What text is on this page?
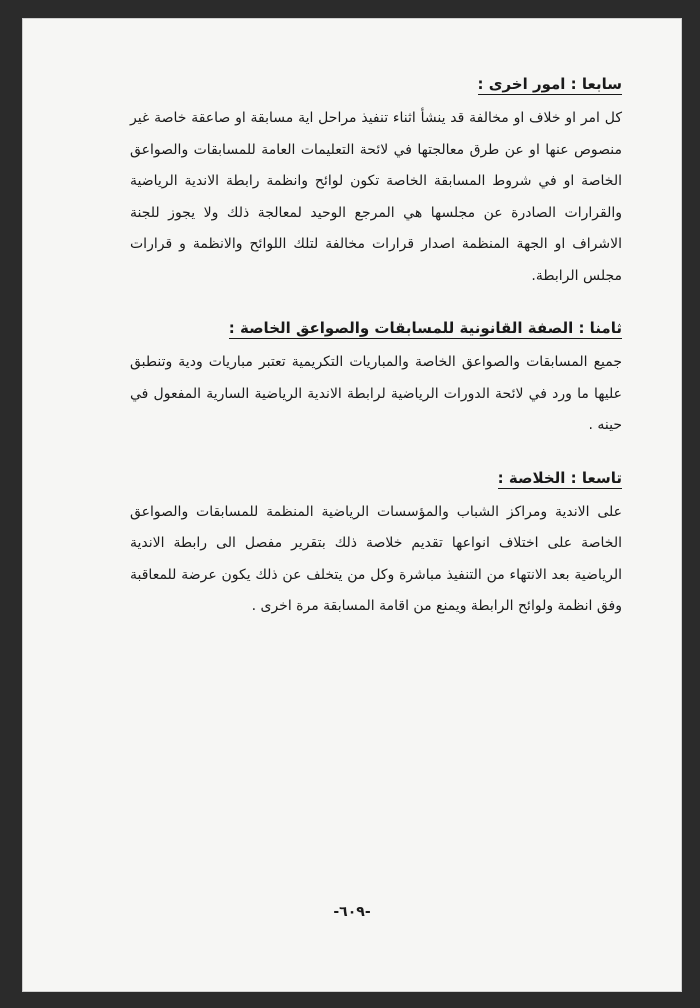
سابعا : امور اخرى :
كل امر او خلاف او مخالفة قد ينشأ اثناء تنفيذ مراحل اية مسابقة او صاعقة خاصة غير منصوص عنها او عن طرق معالجتها في لائحة التعليمات العامة للمسابقات والصواعق الخاصة او في شروط المسابقة الخاصة تكون لوائح وانظمة رابطة الاندية الرياضية والقرارات الصادرة عن مجلسها هي المرجع الوحيد لمعالجة ذلك ولا يجوز للجنة الاشراف او الجهة المنظمة اصدار قرارات مخالفة لتلك اللوائح والانظمة و قرارات مجلس الرابطة.
ثامنا : الصفة القانونية للمسابقات والصواعق الخاصة :
جميع المسابقات والصواعق الخاصة والمباريات التكريمية تعتبر مباريات ودية وتنطبق عليها ما ورد في لائحة الدورات الرياضية لرابطة الاندية الرياضية السارية المفعول في حينه .
تاسعا : الخلاصة :
على الاندية ومراكز الشباب والمؤسسات الرياضية المنظمة للمسابقات والصواعق الخاصة على اختلاف انواعها تقديم خلاصة ذلك بتقرير مفصل الى رابطة الاندية الرياضية بعد الانتهاء من التنفيذ مباشرة وكل من يتخلف عن ذلك يكون عرضة للمعاقبة وفق انظمة ولوائح الرابطة ويمنع من اقامة المسابقة مرة اخرى .
-٦٠٩-
